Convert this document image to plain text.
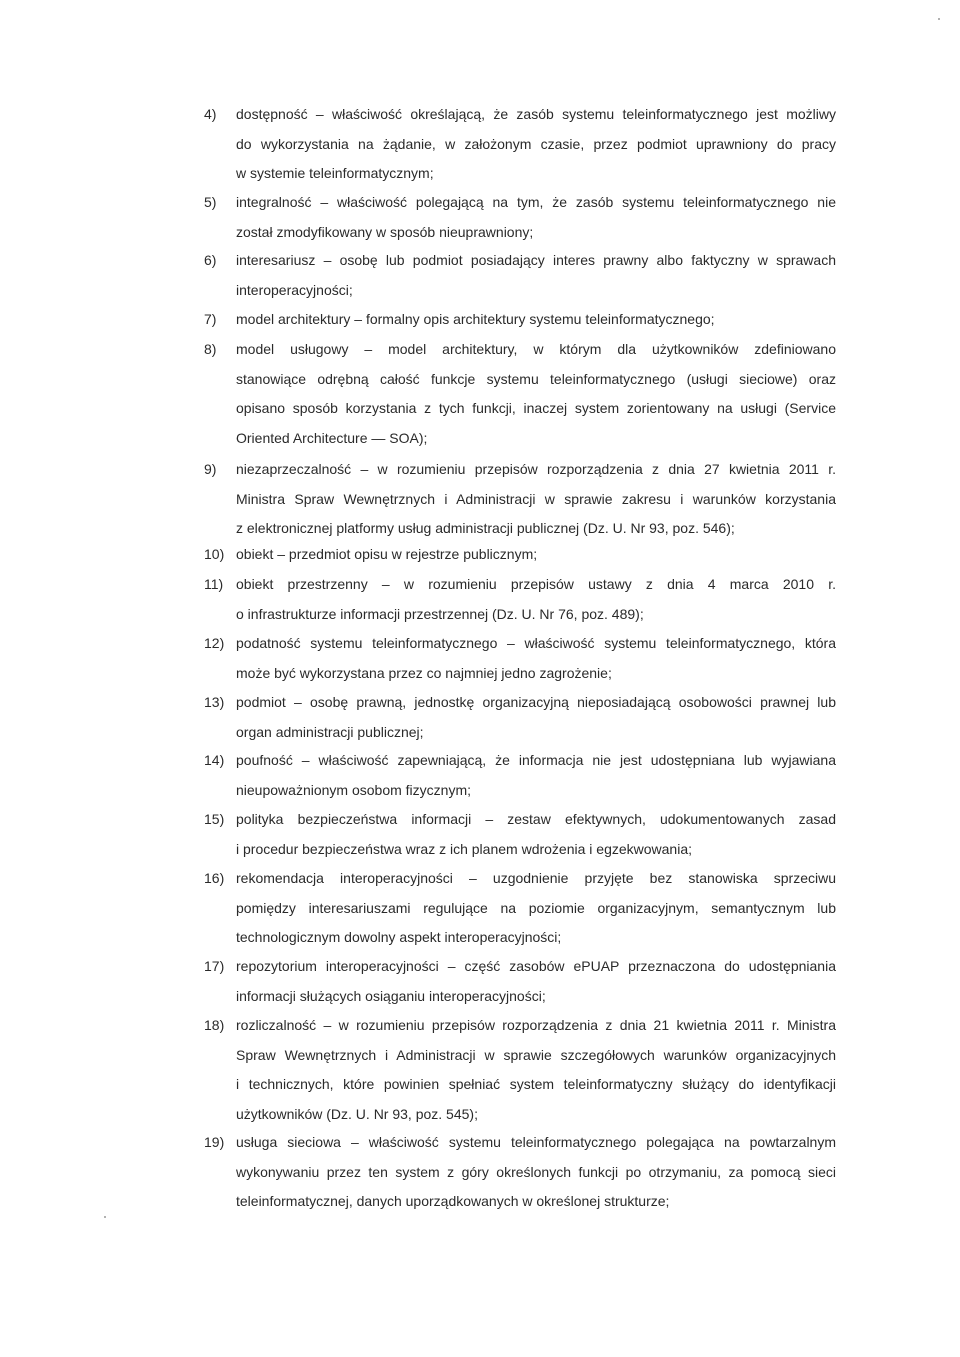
4) dostępność – właściwość określającą, że zasób systemu teleinformatycznego jest możliwy
do wykorzystania na żądanie, w założonym czasie, przez podmiot uprawniony do pracy
w systemie teleinformatycznym;
5) integralność – właściwość polegającą na tym, że zasób systemu teleinformatycznego nie
został zmodyfikowany w sposób nieuprawniony;
6) interesariusz – osobę lub podmiot posiadający interes prawny albo faktyczny w sprawach
interoperacyjności;
7) model architektury – formalny opis architektury systemu teleinformatycznego;
8) model usługowy – model architektury, w którym dla użytkowników zdefiniowano
stanowiące odrębną całość funkcje systemu teleinformatycznego (usługi sieciowe) oraz
opisano sposób korzystania z tych funkcji, inaczej system zorientowany na usługi (Service
Oriented Architecture — SOA);
9) niezaprzeczalność – w rozumieniu przepisów rozporządzenia z dnia 27 kwietnia 2011 r.
Ministra Spraw Wewnętrznych i Administracji w sprawie zakresu i warunków korzystania
z elektronicznej platformy usług administracji publicznej (Dz. U. Nr 93, poz. 546);
10) obiekt – przedmiot opisu w rejestrze publicznym;
11) obiekt przestrzenny – w rozumieniu przepisów ustawy z dnia 4 marca 2010 r.
o infrastrukturze informacji przestrzennej (Dz. U. Nr 76, poz. 489);
12) podatność systemu teleinformatycznego – właściwość systemu teleinformatycznego, która
może być wykorzystana przez co najmniej jedno zagrożenie;
13) podmiot – osobę prawną, jednostkę organizacyjną nieposiadającą osobowości prawnej lub
organ administracji publicznej;
14) poufność – właściwość zapewniającą, że informacja nie jest udostępniana lub wyjawiana
nieupoważnionym osobom fizycznym;
15) polityka bezpieczeństwa informacji – zestaw efektywnych, udokumentowanych zasad
i procedur bezpieczeństwa wraz z ich planem wdrożenia i egzekwowania;
16) rekomendacja interoperacyjności – uzgodnienie przyjęte bez stanowiska sprzeciwu
pomiędzy interesariuszami regulujące na poziomie organizacyjnym, semantycznym lub
technologicznym dowolny aspekt interoperacyjności;
17) repozytorium interoperacyjności – część zasobów ePUAP przeznaczona do udostępniania
informacji służących osiąganiu interoperacyjności;
18) rozliczalność – w rozumieniu przepisów rozporządzenia z dnia 21 kwietnia 2011 r. Ministra
Spraw Wewnętrznych i Administracji w sprawie szczegółowych warunków organizacyjnych
i technicznych, które powinien spełniać system teleinformatyczny służący do identyfikacji
użytkowników (Dz. U. Nr 93, poz. 545);
19) usługa sieciowa – właściwość systemu teleinformatycznego polegająca na powtarzalnym
wykonywaniu przez ten system z góry określonych funkcji po otrzymaniu, za pomocą sieci
teleinformatycznej, danych uporządkowanych w określonej strukturze;
